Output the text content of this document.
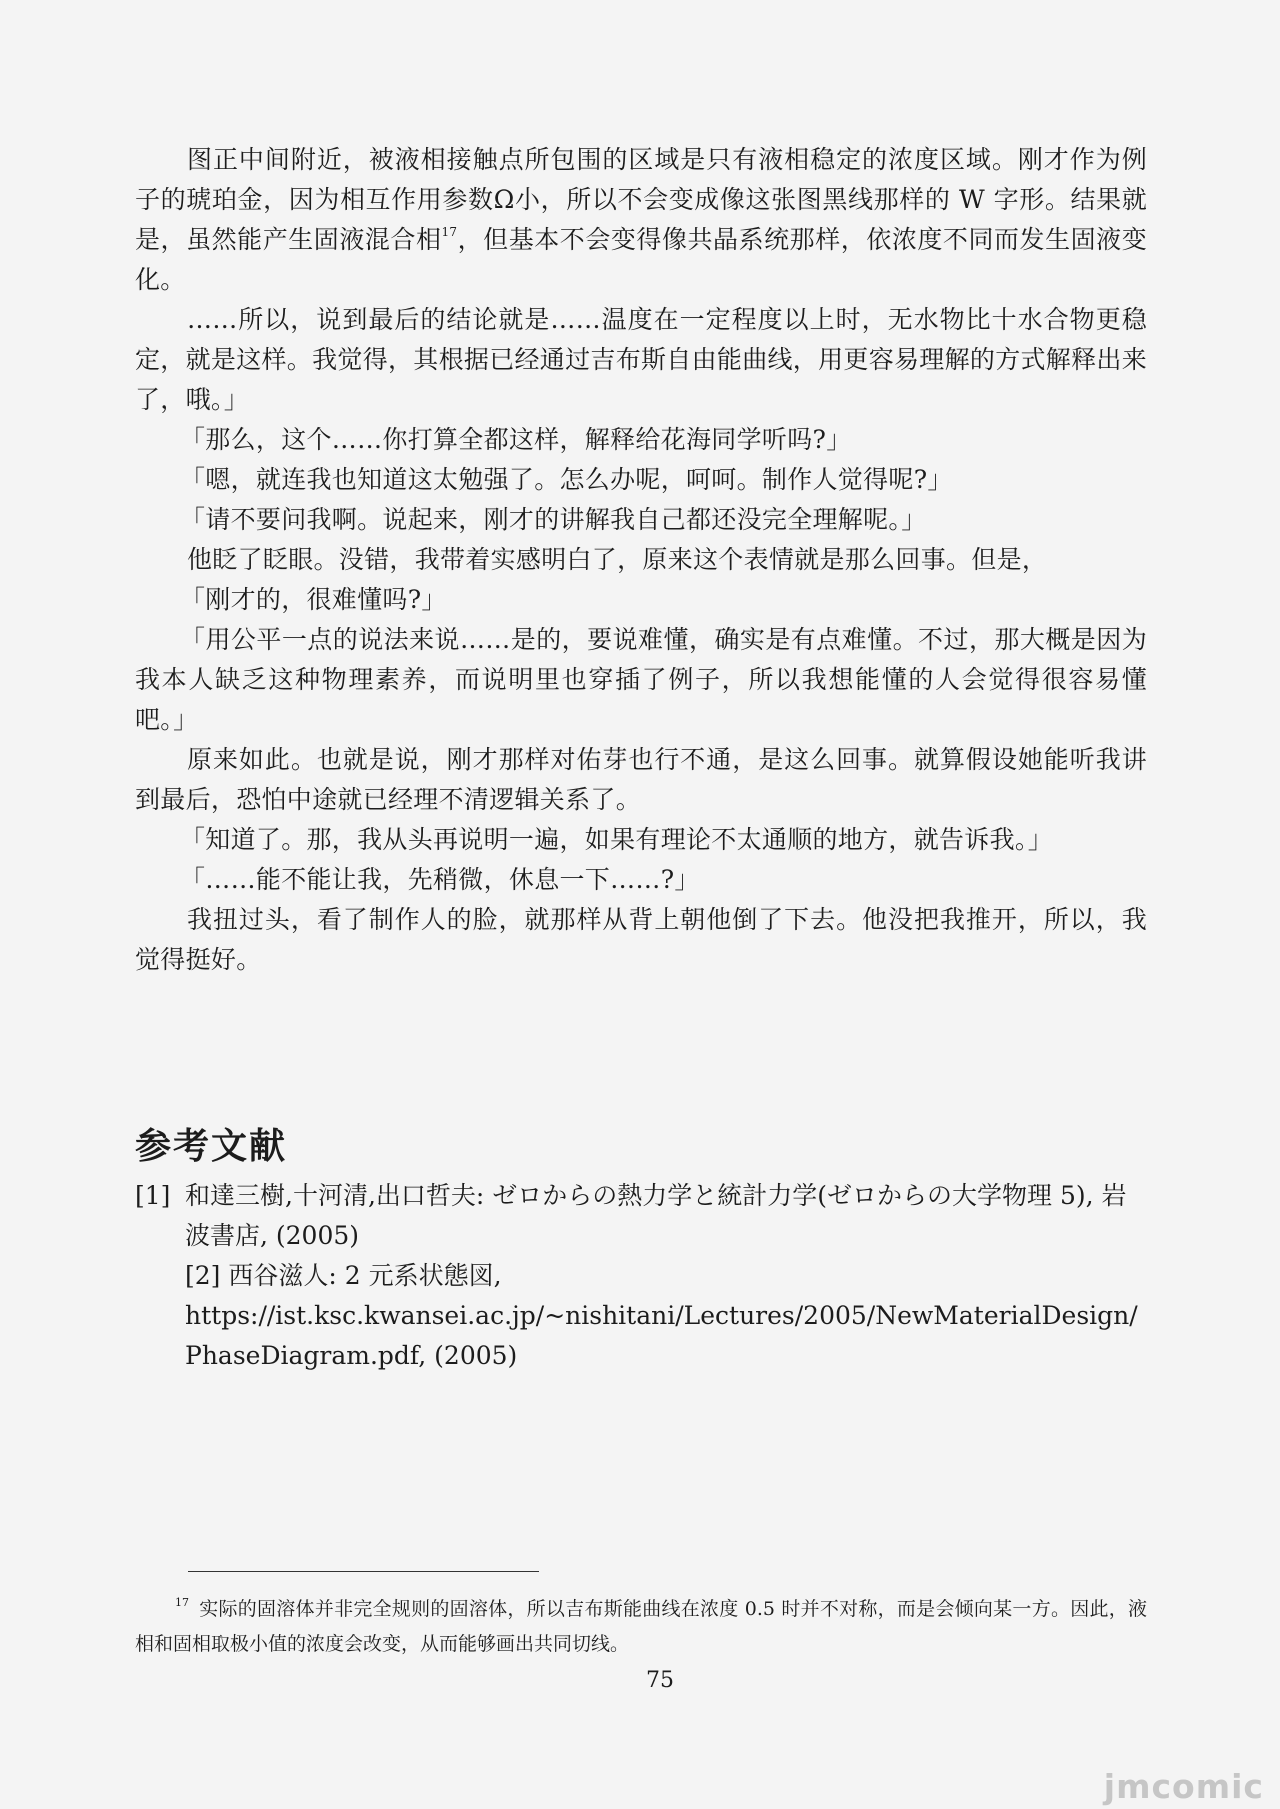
图正中间附近，被液相接触点所包围的区域是只有液相稳定的浓度区域。刚才作为例子的琥珀金，因为相互作用参数Ω小，所以不会变成像这张图黑线那样的 W 字形。结果就是，虽然能产生固液混合相$^{17}$，但基本不会变得像共晶系统那样，依浓度不同而发生固液变化。

……所以，说到最后的结论就是……温度在一定程度以上时，无水物比十水合物更稳定，就是这样。我觉得，其根据已经通过吉布斯自由能曲线，用更容易理解的方式解释出来了，哦。」

「那么，这个……你打算全都这样，解释给花海同学听吗?」

「嗯，就连我也知道这太勉强了。怎么办呢，呵呵。制作人觉得呢?」

「请不要问我啊。说起来，刚才的讲解我自己都还没完全理解呢。」

他眨了眨眼。没错，我带着实感明白了，原来这个表情就是那么回事。但是，

「刚才的，很难懂吗?」

「用公平一点的说法来说……是的，要说难懂，确实是有点难懂。不过，那大概是因为我本人缺乏这种物理素养，而说明里也穿插了例子，所以我想能懂的人会觉得很容易懂吧。」

原来如此。也就是说，刚才那样对佑芽也行不通，是这么回事。就算假设她能听我讲到最后，恐怕中途就已经理不清逻辑关系了。

「知道了。那，我从头再说明一遍，如果有理论不太通顺的地方，就告诉我。」

「……能不能让我，先稍微，休息一下……?」

我扭过头，看了制作人的脸，就那样从背上朝他倒了下去。他没把我推开，所以，我觉得挺好。

参考文献
[1] 和達三樹,十河清,出口哲夫: ゼロからの熱力学と統計力学(ゼロからの大学物理 5), 岩波書店, (2005)
[2] 西谷滋人: 2 元系状態図,
https://ist.ksc.kwansei.ac.jp/~nishitani/Lectures/2005/NewMaterialDesign/PhaseDiagram.pdf, (2005)
$^{17}$ 实际的固溶体并非完全规则的固溶体，所以吉布斯能曲线在浓度 0.5 时并不对称，而是会倾向某一方。因此，液相和固相取极小值的浓度会改变，从而能够画出共同切线。
75
jmcomic
